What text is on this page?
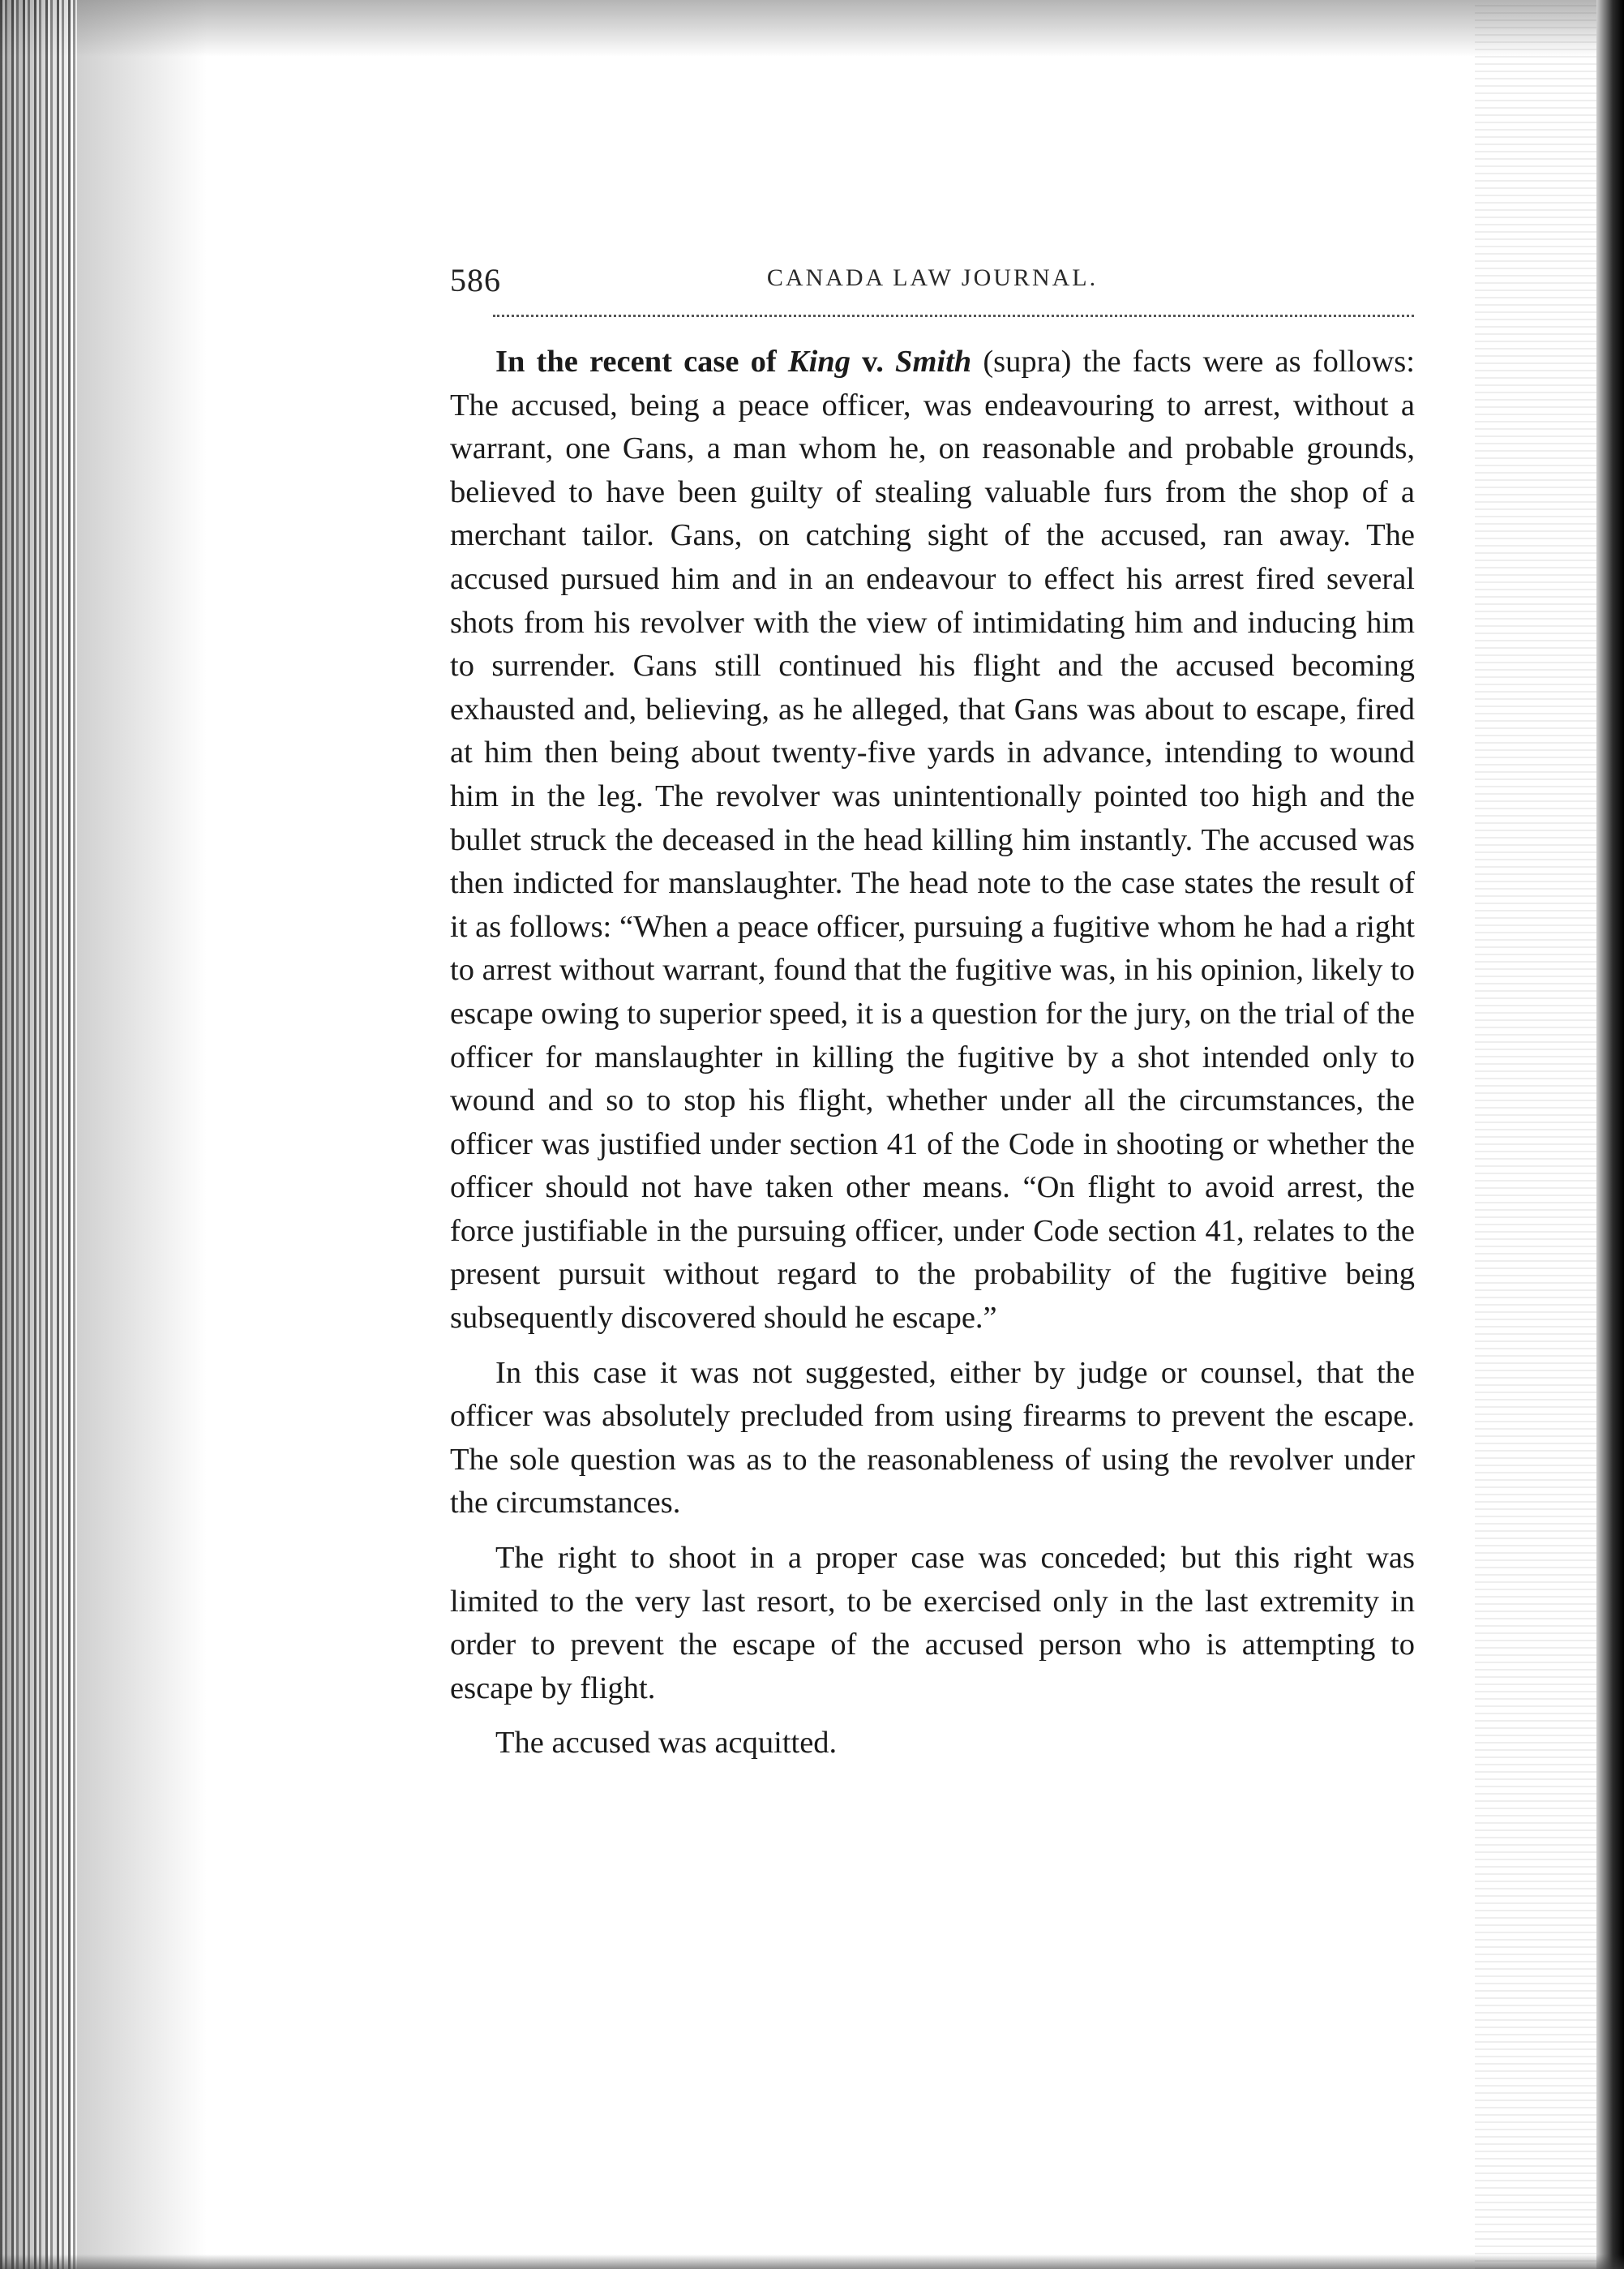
586	CANADA LAW JOURNAL.

In the recent case of King v. Smith (supra) the facts were as follows: The accused, being a peace officer, was endeavouring to arrest, without a warrant, one Gans, a man whom he, on reasonable and probable grounds, believed to have been guilty of stealing valuable furs from the shop of a merchant tailor. Gans, on catching sight of the accused, ran away. The accused pursued him and in an endeavour to effect his arrest fired several shots from his revolver with the view of intimidating him and inducing him to surrender. Gans still continued his flight and the accused becoming exhausted and, believing, as he alleged, that Gans was about to escape, fired at him then being about twenty-five yards in advance, intending to wound him in the leg. The revolver was unintentionally pointed too high and the bullet struck the deceased in the head killing him instantly. The accused was then indicted for manslaughter. The head note to the case states the result of it as follows: “When a peace officer, pursuing a fugitive whom he had a right to arrest without warrant, found that the fugitive was, in his opinion, likely to escape owing to superior speed, it is a question for the jury, on the trial of the officer for manslaughter in killing the fugitive by a shot intended only to wound and so to stop his flight, whether under all the circumstances, the officer was justified under section 41 of the Code in shooting or whether the officer should not have taken other means. “On flight to avoid arrest, the force justifiable in the pursuing officer, under Code section 41, relates to the present pursuit without regard to the probability of the fugitive being subsequently discovered should he escape.”

In this case it was not suggested, either by judge or counsel, that the officer was absolutely precluded from using firearms to prevent the escape. The sole question was as to the reasonableness of using the revolver under the circumstances.

The right to shoot in a proper case was conceded; but this right was limited to the very last resort, to be exercised only in the last extremity in order to prevent the escape of the accused person who is attempting to escape by flight.

The accused was acquitted.
